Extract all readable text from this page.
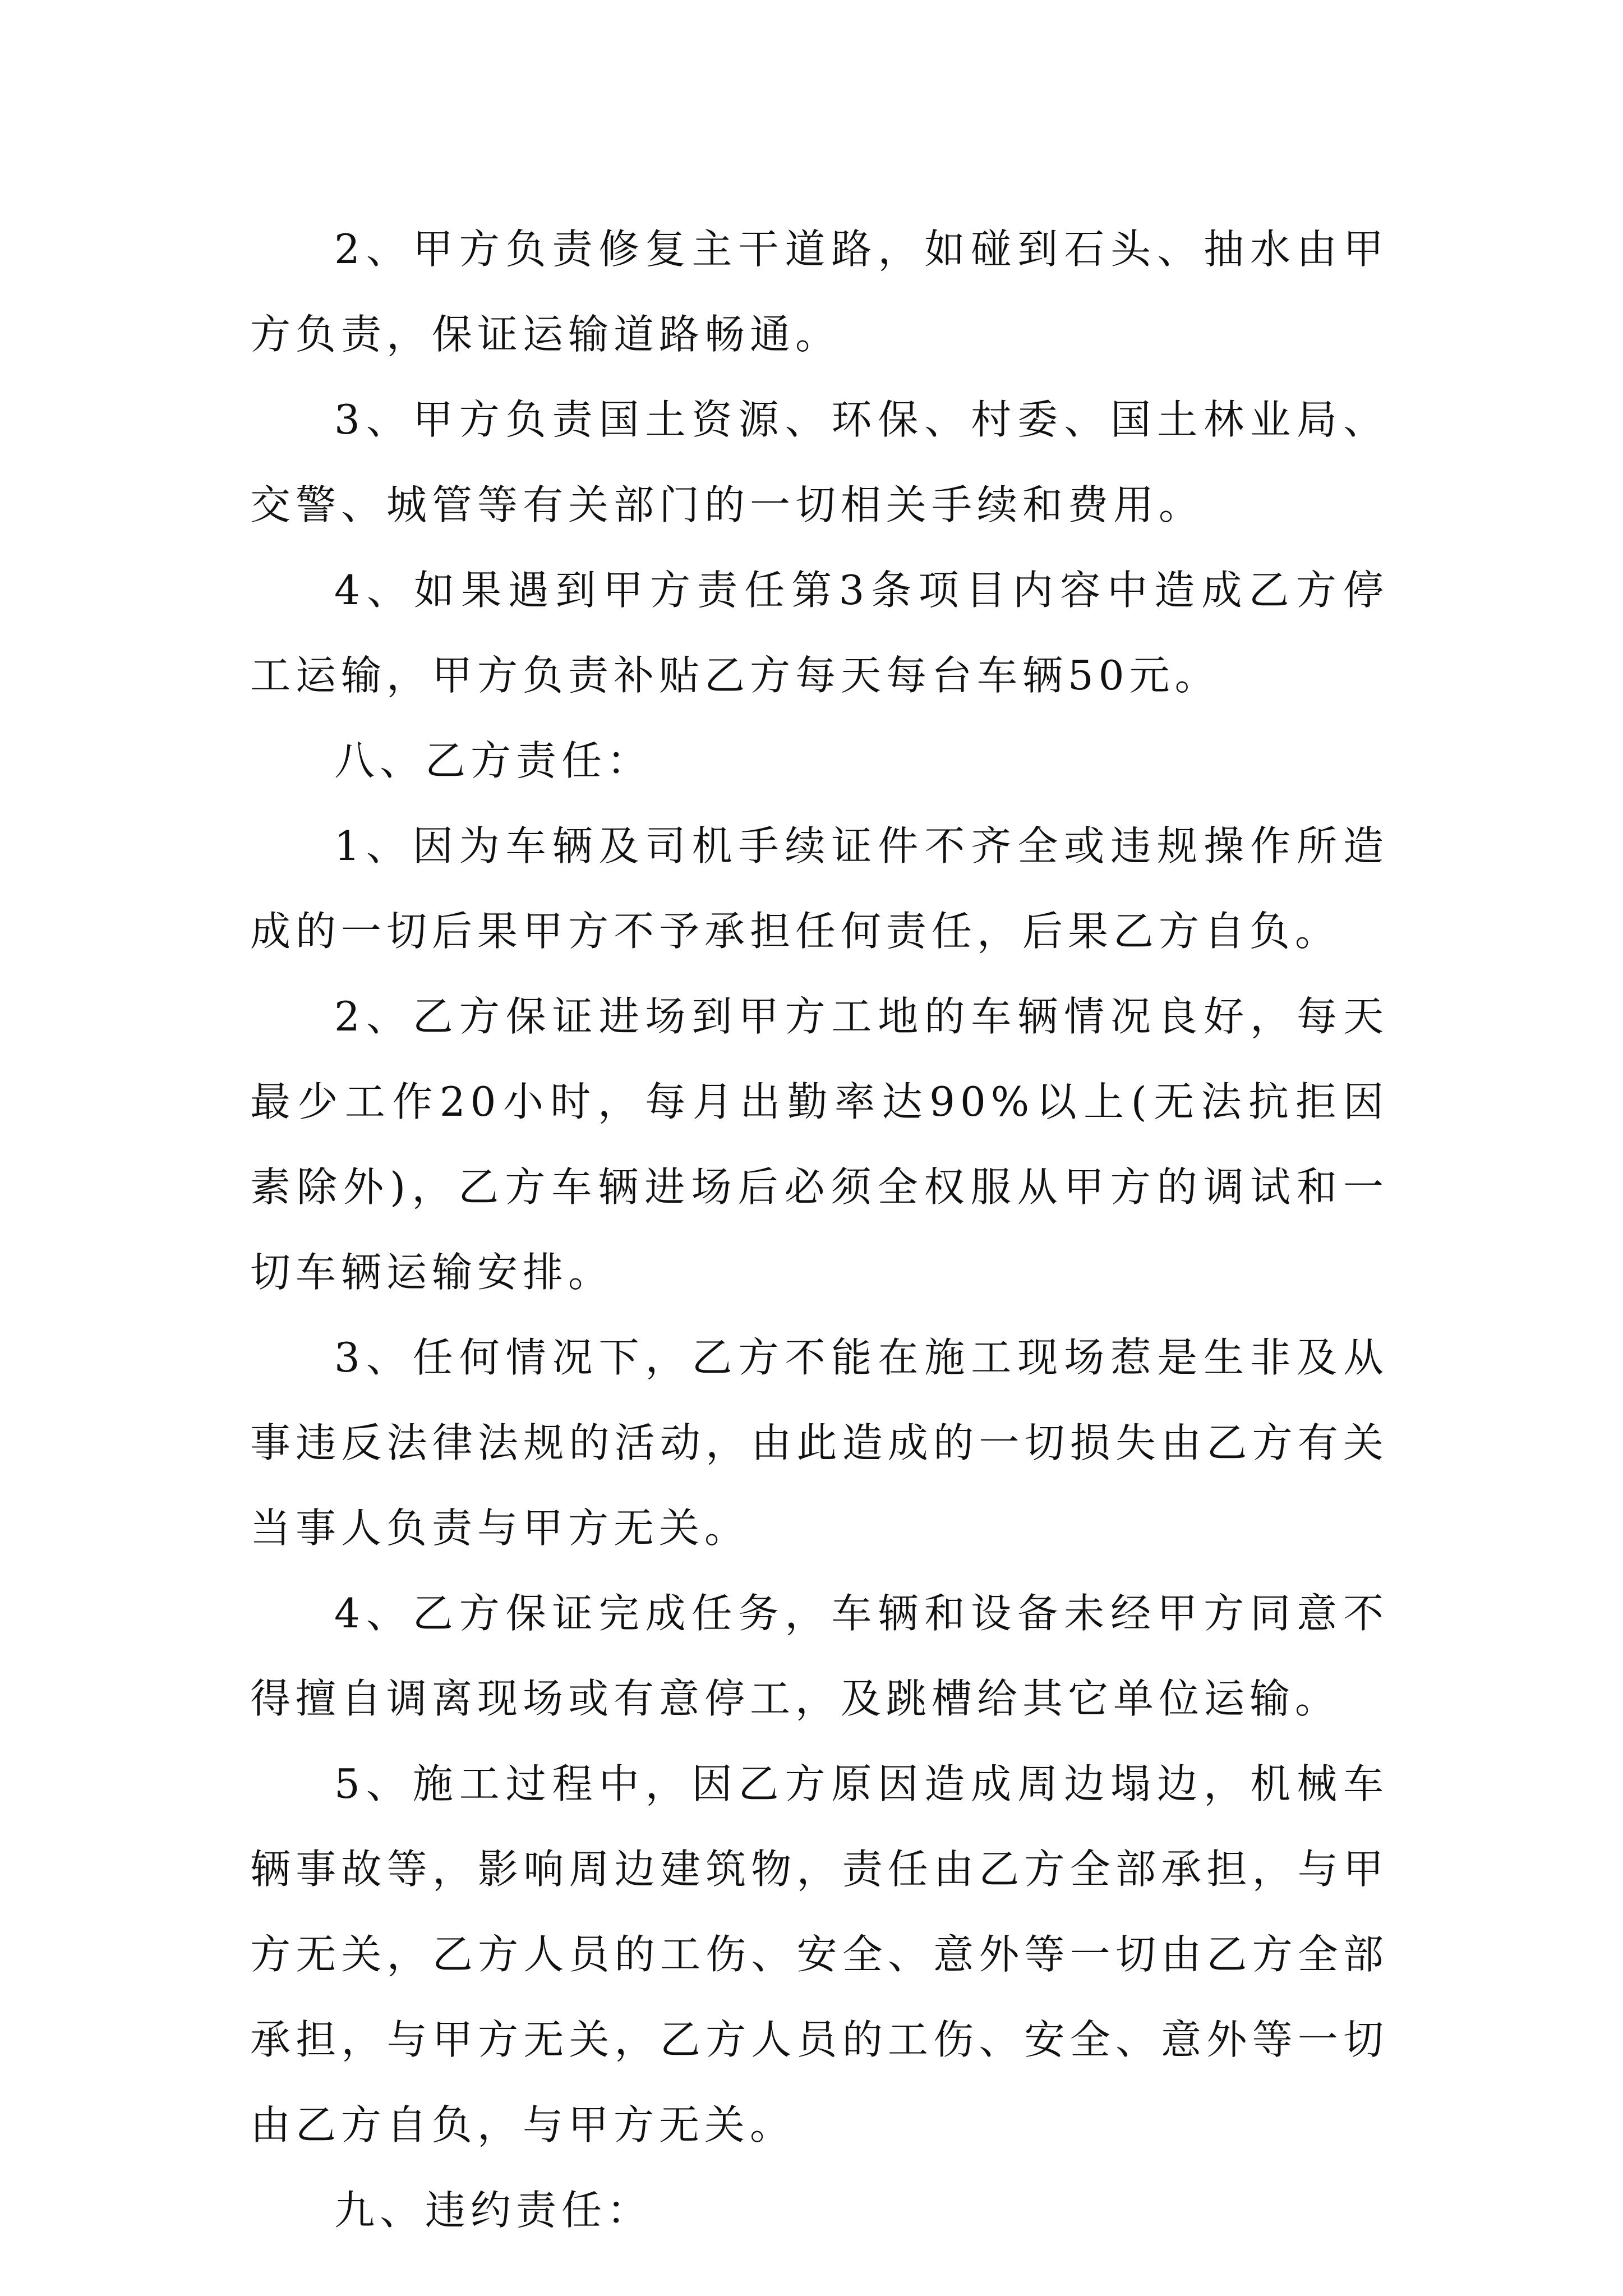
2、甲方负责修复主干道路，如碰到石头、抽水由甲方负责，保证运输道路畅通。

3、甲方负责国土资源、环保、村委、国土林业局、交警、城管等有关部门的一切相关手续和费用。

4、如果遇到甲方责任第3条项目内容中造成乙方停工运输，甲方负责补贴乙方每天每台车辆50元。

八、乙方责任：

1、因为车辆及司机手续证件不齐全或违规操作所造成的一切后果甲方不予承担任何责任，后果乙方自负。

2、乙方保证进场到甲方工地的车辆情况良好，每天最少工作20小时，每月出勤率达90%以上(无法抗拒因素除外)，乙方车辆进场后必须全权服从甲方的调试和一切车辆运输安排。

3、任何情况下，乙方不能在施工现场惹是生非及从事违反法律法规的活动，由此造成的一切损失由乙方有关当事人负责与甲方无关。

4、乙方保证完成任务，车辆和设备未经甲方同意不得擅自调离现场或有意停工，及跳槽给其它单位运输。

5、施工过程中，因乙方原因造成周边塌边，机械车辆事故等，影响周边建筑物，责任由乙方全部承担，与甲方无关，乙方人员的工伤、安全、意外等一切由乙方全部承担，与甲方无关，乙方人员的工伤、安全、意外等一切由乙方自负，与甲方无关。

九、违约责任：
